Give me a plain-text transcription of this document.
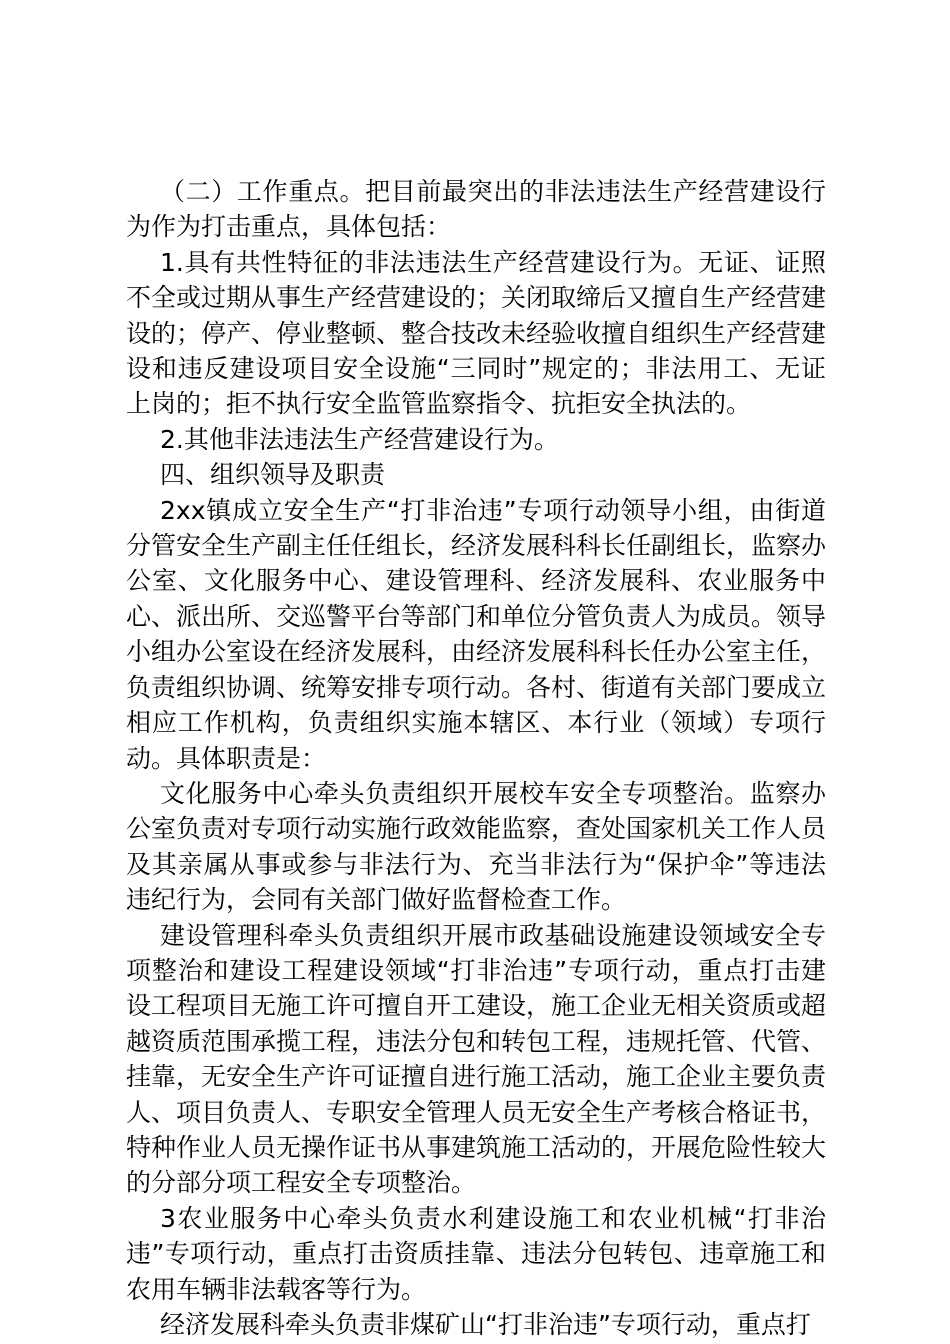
（二）工作重点。把目前最突出的非法违法生产经营建设行为作为打击重点，具体包括：

1.具有共性特征的非法违法生产经营建设行为。无证、证照不全或过期从事生产经营建设的；关闭取缔后又擅自生产经营建设的；停产、停业整顿、整合技改未经验收擅自组织生产经营建设和违反建设项目安全设施“三同时”规定的；非法用工、无证上岗的；拒不执行安全监管监察指令、抗拒安全执法的。

2.其他非法违法生产经营建设行为。

四、组织领导及职责

2xx镇成立安全生产“打非治违”专项行动领导小组，由街道分管安全生产副主任任组长，经济发展科科长任副组长，监察办公室、文化服务中心、建设管理科、经济发展科、农业服务中心、派出所、交巡警平台等部门和单位分管负责人为成员。领导小组办公室设在经济发展科，由经济发展科科长任办公室主任，负责组织协调、统筹安排专项行动。各村、街道有关部门要成立相应工作机构，负责组织实施本辖区、本行业（领域）专项行动。具体职责是：

文化服务中心牵头负责组织开展校车安全专项整治。监察办公室负责对专项行动实施行政效能监察，查处国家机关工作人员及其亲属从事或参与非法行为、充当非法行为“保护伞”等违法违纪行为，会同有关部门做好监督检查工作。

建设管理科牵头负责组织开展市政基础设施建设领域安全专项整治和建设工程建设领域“打非治违”专项行动，重点打击建设工程项目无施工许可擅自开工建设，施工企业无相关资质或超越资质范围承揽工程，违法分包和转包工程，违规托管、代管、挂靠，无安全生产许可证擅自进行施工活动，施工企业主要负责人、项目负责人、专职安全管理人员无安全生产考核合格证书，特种作业人员无操作证书从事建筑施工活动的，开展危险性较大的分部分项工程安全专项整治。

3农业服务中心牵头负责水利建设施工和农业机械“打非治违”专项行动，重点打击资质挂靠、违法分包转包、违章施工和农用车辆非法载客等行为。

经济发展科牵头负责非煤矿山“打非治违”专项行动，重点打
